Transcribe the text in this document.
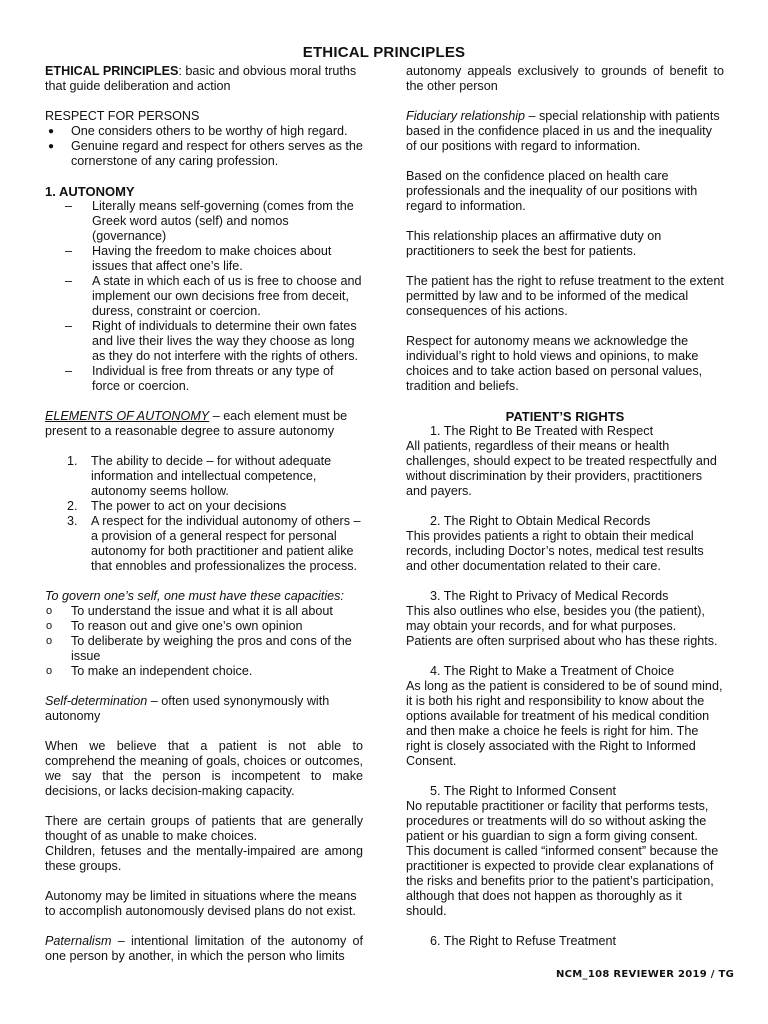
ETHICAL PRINCIPLES

ETHICAL PRINCIPLES: basic and obvious moral truths that guide deliberation and action

RESPECT FOR PERSONS

● One considers others to be worthy of high regard.
● Genuine regard and respect for others serves as the cornerstone of any caring profession.

1. AUTONOMY

– Literally means self-governing (comes from the Greek word autos (self) and nomos (governance)
– Having the freedom to make choices about issues that affect one’s life.
– A state in which each of us is free to choose and implement our own decisions free from deceit, duress, constraint or coercion.
– Right of individuals to determine their own fates and live their lives the way they choose as long as they do not interfere with the rights of others.
– Individual is free from threats or any type of force or coercion.

ELEMENTS OF AUTONOMY – each element must be present to a reasonable degree to assure autonomy

1. The ability to decide – for without adequate information and intellectual competence, autonomy seems hollow.
2. The power to act on your decisions
3. A respect for the individual autonomy of others – a provision of a general respect for personal autonomy for both practitioner and patient alike that ennobles and professionalizes the process.

To govern one’s self, one must have these capacities:

o To understand the issue and what it is all about
o To reason out and give one’s own opinion
o To deliberate by weighing the pros and cons of the issue
o To make an independent choice.

Self-determination – often used synonymously with autonomy

When we believe that a patient is not able to comprehend the meaning of goals, choices or outcomes, we say that the person is incompetent to make decisions, or lacks decision-making capacity.

There are certain groups of patients that are generally thought of as unable to make choices.

Children, fetuses and the mentally-impaired are among these groups.

Autonomy may be limited in situations where the means to accomplish autonomously devised plans do not exist.

Paternalism – intentional limitation of the autonomy of one person by another, in which the person who limits

autonomy appeals exclusively to grounds of benefit to the other person

Fiduciary relationship – special relationship with patients based in the confidence placed in us and the inequality of our positions with regard to information.

Based on the confidence placed on health care professionals and the inequality of our positions with regard to information.

This relationship places an affirmative duty on practitioners to seek the best for patients.

The patient has the right to refuse treatment to the extent permitted by law and to be informed of the medical consequences of his actions.

Respect for autonomy means we acknowledge the individual’s right to hold views and opinions, to make choices and to take action based on personal values, tradition and beliefs.

PATIENT’S RIGHTS

1. The Right to Be Treated with Respect

All patients, regardless of their means or health challenges, should expect to be treated respectfully and without discrimination by their providers, practitioners and payers.

2. The Right to Obtain Medical Records

This provides patients a right to obtain their medical records, including Doctor’s notes, medical test results and other documentation related to their care.

3. The Right to Privacy of Medical Records

This also outlines who else, besides you (the patient), may obtain your records, and for what purposes. Patients are often surprised about who has these rights.

4. The Right to Make a Treatment of Choice

As long as the patient is considered to be of sound mind, it is both his right and responsibility to know about the options available for treatment of his medical condition and then make a choice he feels is right for him. The right is closely associated with the Right to Informed Consent.

5. The Right to Informed Consent

No reputable practitioner or facility that performs tests, procedures or treatments will do so without asking the patient or his guardian to sign a form giving consent. This document is called “informed consent” because the practitioner is expected to provide clear explanations of the risks and benefits prior to the patient’s participation, although that does not happen as thoroughly as it should.

6. The Right to Refuse Treatment

NCM_108 REVIEWER 2019 / TG
